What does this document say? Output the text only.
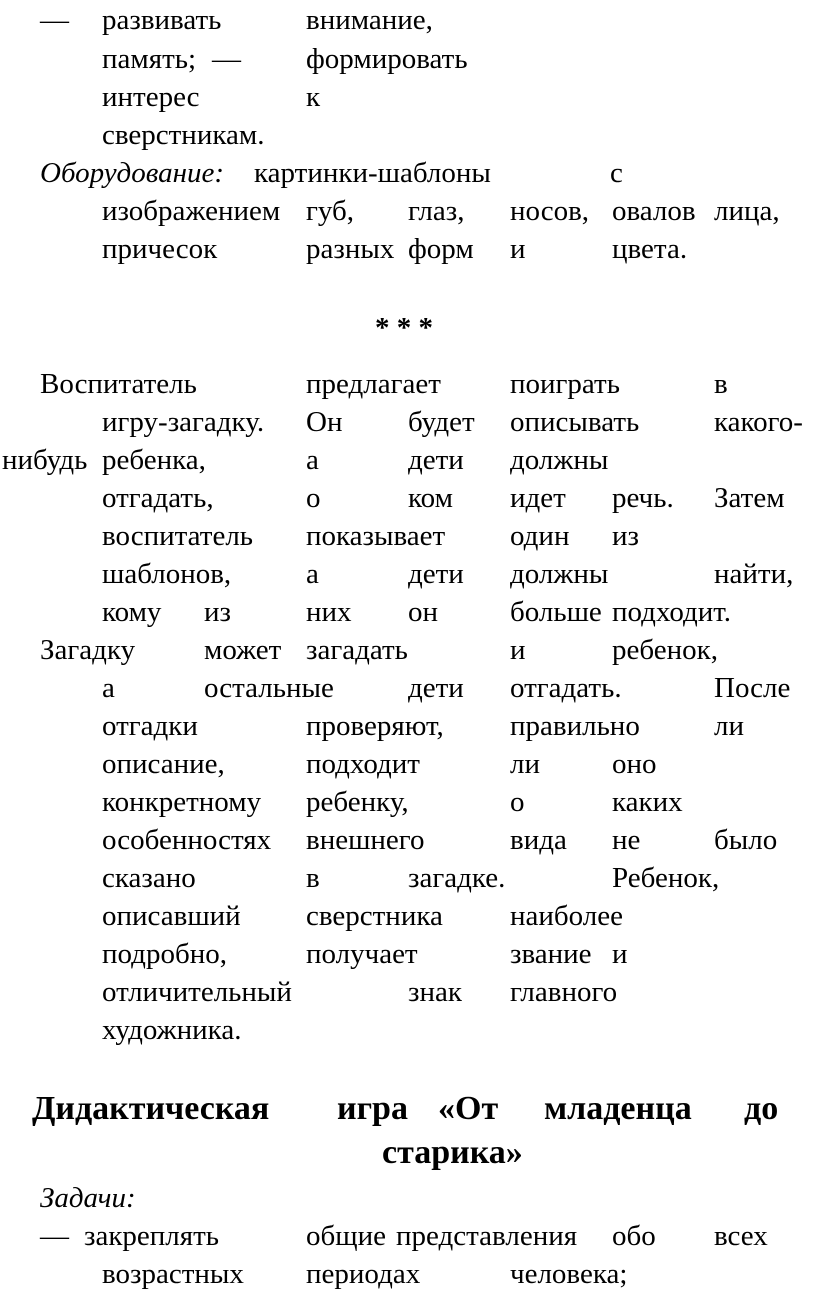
— развивать	внимание,
память; — формировать
интерес	к
сверстникам.
Оборудование: картинки-шаблоны	с
изображением губ, глаз, носов, овалов лица,
причесок	разных форм и	цвета.
* * *
Воспитатель	предлагает поиграть	в
игру-загадку. Он будет описывать	какого-
нибудь ребенка,	а	дети должны
отгадать,	о	ком идет речь. Затем
воспитатель показывает один из
шаблонов,	а	дети должны	найти,
кому из	них он больше подходит.
Загадку может загадать	и	ребенок,
а	остальные	дети отгадать.	После
отгадки	проверяют, правильно	ли
описание,	подходит	ли оно
конкретному ребенку,	о	каких
особенностях внешнего	вида не	было
сказано	в	загадке.	Ребенок,
описавший сверстника наиболее
подробно,	получает	звание и
отличительный	знак главного
художника.
Дидактическая игра «От младенца до
старика»
Задачи:
— закреплять	общие представления обо всех
возрастных периодах	человека;
